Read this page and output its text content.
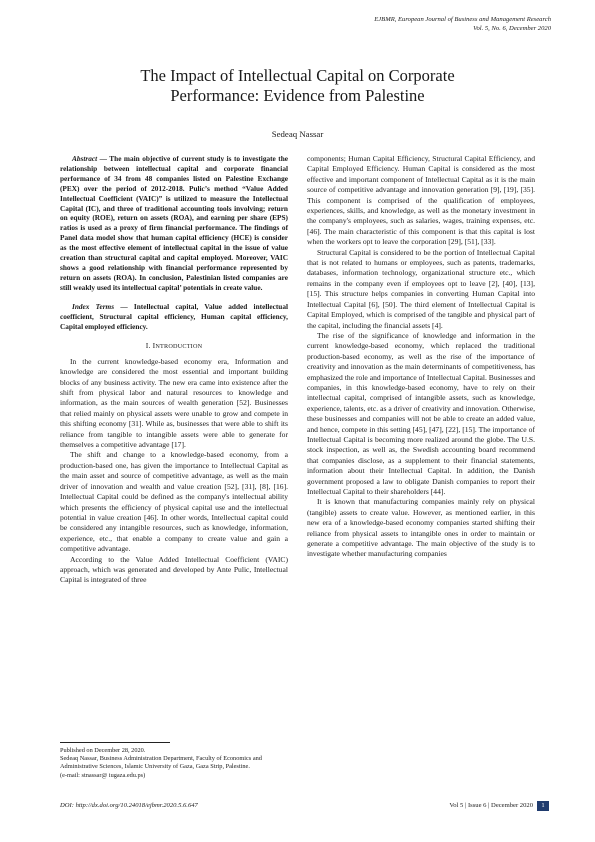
EJBMR, European Journal of Business and Management Research
Vol. 5, No. 6, December 2020
The Impact of Intellectual Capital on Corporate
Performance: Evidence from Palestine
Sedeaq Nassar

Abstract — The main objective of current study is to investigate the relationship between intellectual capital and corporate financial performance of 34 from 48 companies listed on Palestine Exchange (PEX) over the period of 2012-2018. Pulic’s method “Value Added Intellectual Coefficient (VAIC)” is utilized to measure the Intellectual Capital (IC), and three of traditional accounting tools involving; return on equity (ROE), return on assets (ROA), and earning per share (EPS) ratios is used as a proxy of firm financial performance. The findings of Panel data model show that human capital efficiency (HCE) is consider as the most effective element of intellectual capital in the issue of value creation than structural capital and capital employed. Moreover, VAIC shows a good relationship with financial performance represented by return on assets (ROA). In conclusion, Palestinian listed companies are still weakly used its intellectual capital’ potentials in create value.

Index Terms — Intellectual capital, Value added intellectual coefficient, Structural capital efficiency, Human capital efficiency, Capital employed efficiency.

I. INTRODUCTION

In the current knowledge-based economy era, Information and knowledge are considered the most essential and important building blocks of any business activity. The new era came into existence after the shift from physical labor and natural resources to knowledge and information, as the main sources of wealth generation [52]. Businesses that relied mainly on physical assets were unable to grow and compete in this shifting economy [31]. While as, businesses that were able to shift its reliance from tangible to intangible assets were able to generate for themselves a competitive advantage [17].

The shift and change to a knowledge-based economy, from a production-based one, has given the importance to Intellectual Capital as the main asset and source of competitive advantage, as well as the main driver of innovation and wealth and value creation [52], [31], [8], [16]. Intellectual Capital could be defined as the company's intellectual ability which presents the efficiency of physical capital use and the intellectual potential in value creation [46]. In other words, Intellectual capital could be considered any intangible resources, such as knowledge, information, experience, etc., that enable a company to create value and gain a competitive advantage.

According to the Value Added Intellectual Coefficient (VAIC) approach, which was generated and developed by Ante Pulic, Intellectual Capital is integrated of three

components; Human Capital Efficiency, Structural Capital Efficiency, and Capital Employed Efficiency. Human Capital is considered as the most effective and important component of Intellectual Capital as it is the main source of competitive advantage and innovation generation [9], [19], [35]. This component is comprised of the qualification of employees, experiences, skills, and knowledge, as well as the monetary investment in the company's employees, such as salaries, wages, training expenses, etc. [46]. The main characteristic of this component is that this capital is lost when the workers opt to leave the corporation [29], [51], [33].

Structural Capital is considered to be the portion of Intellectual Capital that is not related to humans or employees, such as patents, trademarks, databases, information technology, organizational structure etc., which remains in the company even if employees opt to leave [2], [40], [13], [15]. This structure helps companies in converting Human Capital into Intellectual Capital [6], [50]. The third element of Intellectual Capital is Capital Employed, which is comprised of the tangible and physical part of the capital, including the financial assets [4].

The rise of the significance of knowledge and information in the current knowledge-based economy, which replaced the traditional production-based economy, as well as the rise of the importance of creativity and innovation as the main determinants of competitiveness, has emphasized the role and importance of Intellectual Capital. Businesses and companies, in this knowledge-based economy, have to rely on their intellectual capital, comprised of intangible assets, such as knowledge, experience, talents, etc. as a driver of creativity and innovation. Otherwise, these businesses and companies will not be able to create an added value, and hence, compete in this setting [45], [47], [22], [15]. The importance of Intellectual Capital is becoming more realized around the globe. The U.S. stock inspection, as well as, the Swedish accounting board recommend that companies disclose, as a supplement to their financial statements, information about their Intellectual Capital. In addition, the Danish government proposed a law to obligate Danish companies to report their Intellectual Capital to their shareholders [44].

It is known that manufacturing companies mainly rely on physical (tangible) assets to create value. However, as mentioned earlier, in this new era of a knowledge-based economy companies started shifting their reliance from physical assets to intangible ones in order to maintain or generate a competitive advantage. The main objective of the study is to investigate whether manufacturing companies

Published on December 28, 2020.
Sedeaq Nassar, Business Administration Department, Faculty of Economics and Administrative Sciences, Islamic University of Gaza, Gaza Strip, Palestine.
(e-mail: stnassar@ iugaza.edu.ps)
DOI: http://dx.doi.org/10.24018/ejbmr.2020.5.6.647	Vol 5 | Issue 6 | December 2020	1
